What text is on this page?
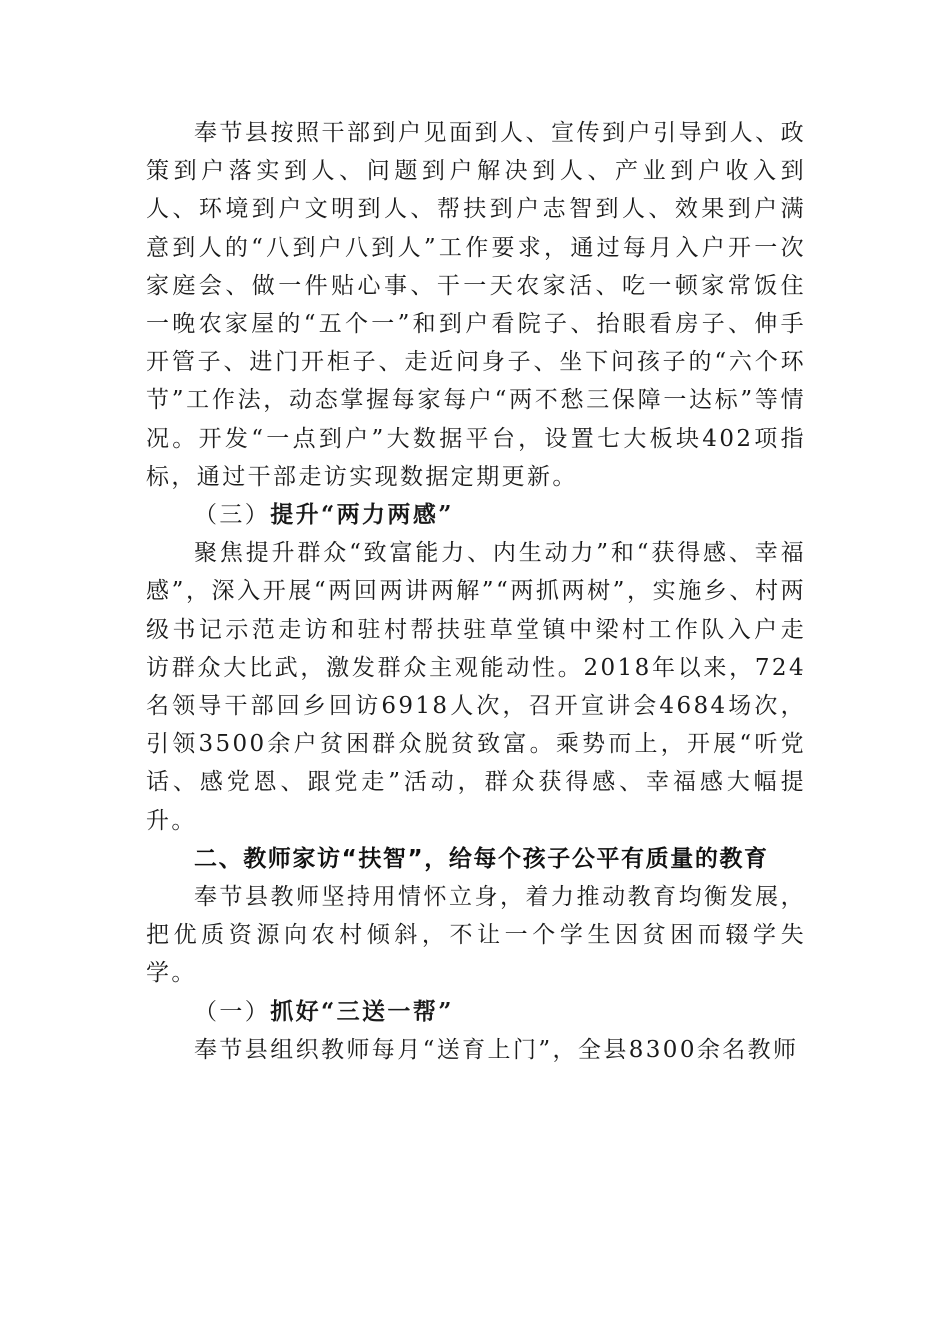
奉节县按照干部到户见面到人、宣传到户引导到人、政策到户落实到人、问题到户解决到人、产业到户收入到人、环境到户文明到人、帮扶到户志智到人、效果到户满意到人的“八到户八到人”工作要求，通过每月入户开一次家庭会、做一件贴心事、干一天农家活、吃一顿家常饭住一晚农家屋的“五个一”和到户看院子、抬眼看房子、伸手开管子、进门开柜子、走近问身子、坐下问孩子的“六个环节”工作法，动态掌握每家每户“两不愁三保障一达标”等情况。开发“一点到户”大数据平台，设置七大板块402项指标，通过干部走访实现数据定期更新。

（三）提升“两力两感”

聚焦提升群众“致富能力、内生动力”和“获得感、幸福感”，深入开展“两回两讲两解”“两抓两树”，实施乡、村两级书记示范走访和驻村帮扶驻草堂镇中梁村工作队入户走访群众大比武，激发群众主观能动性。2018年以来，724名领导干部回乡回访6918人次，召开宣讲会4684场次，引领3500余户贫困群众脱贫致富。乘势而上，开展“听党话、感党恩、跟党走”活动，群众获得感、幸福感大幅提升。

二、教师家访“扶智”，给每个孩子公平有质量的教育

奉节县教师坚持用情怀立身，着力推动教育均衡发展，把优质资源向农村倾斜，不让一个学生因贫困而辍学失学。

（一）抓好“三送一帮”

奉节县组织教师每月“送育上门”，全县8300余名教师
